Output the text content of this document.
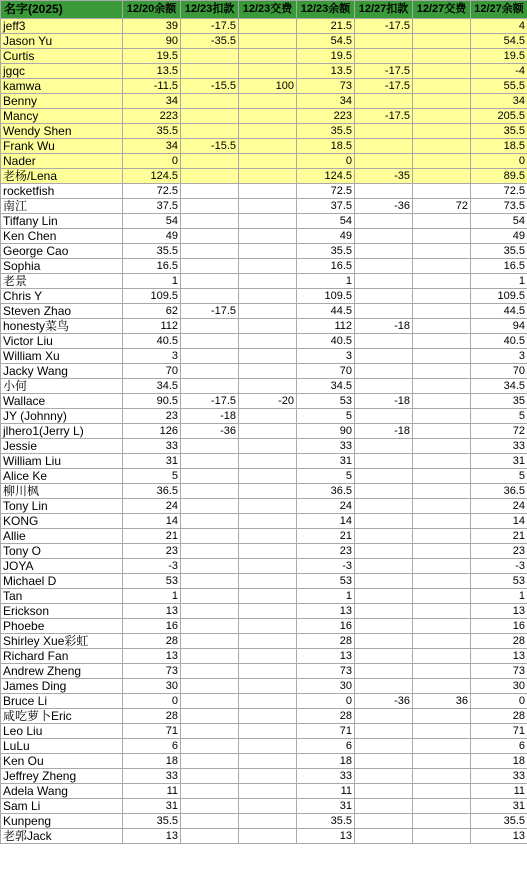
名字(2025)	12/20余额	12/23扣款	12/23交费	12/23余额	12/27扣款	12/27交费	12/27余额
jeff3	39	-17.5		21.5	-17.5		4
Jason Yu	90	-35.5		54.5			54.5
Curtis	19.5			19.5			19.5
jgqc	13.5			13.5	-17.5		-4
kamwa	-11.5	-15.5	100	73	-17.5		55.5
Benny	34			34			34
Mancy	223			223	-17.5		205.5
Wendy Shen	35.5			35.5			35.5
Frank Wu	34	-15.5		18.5			18.5
Nader	0			0			0
老杨/Lena	124.5			124.5	-35		89.5
rocketfish	72.5			72.5			72.5
南江	37.5			37.5	-36	72	73.5
Tiffany Lin	54			54			54
Ken Chen	49			49			49
George Cao	35.5			35.5			35.5
Sophia	16.5			16.5			16.5
老景	1			1			1
Chris Y	109.5			109.5			109.5
Steven Zhao	62	-17.5		44.5			44.5
honesty菜鸟	112			112	-18		94
Victor Liu	40.5			40.5			40.5
William Xu	3			3			3
Jacky Wang	70			70			70
小何	34.5			34.5			34.5
Wallace	90.5	-17.5	-20	53	-18		35
JY (Johnny)	23	-18		5			5
jlhero1(Jerry L)	126	-36		90	-18		72
Jessie	33			33			33
William Liu	31			31			31
Alice Ke	5			5			5
柳川枫	36.5			36.5			36.5
Tony Lin	24			24			24
KONG	14			14			14
Allie	21			21			21
Tony O	23			23			23
JOYA	-3			-3			-3
Michael D	53			53			53
Tan	1			1			1
Erickson	13			13			13
Phoebe	16			16			16
Shirley Xue彩虹	28			28			28
Richard Fan	13			13			13
Andrew Zheng	73			73			73
James Ding	30			30			30
Bruce Li	0			0	-36	36	0
咸吃萝卜Eric	28			28			28
Leo Liu	71			71			71
LuLu	6			6			6
Ken Ou	18			18			18
Jeffrey Zheng	33			33			33
Adela Wang	11			11			11
Sam Li	31			31			31
Kunpeng	35.5			35.5			35.5
老郭Jack	13			13			13
